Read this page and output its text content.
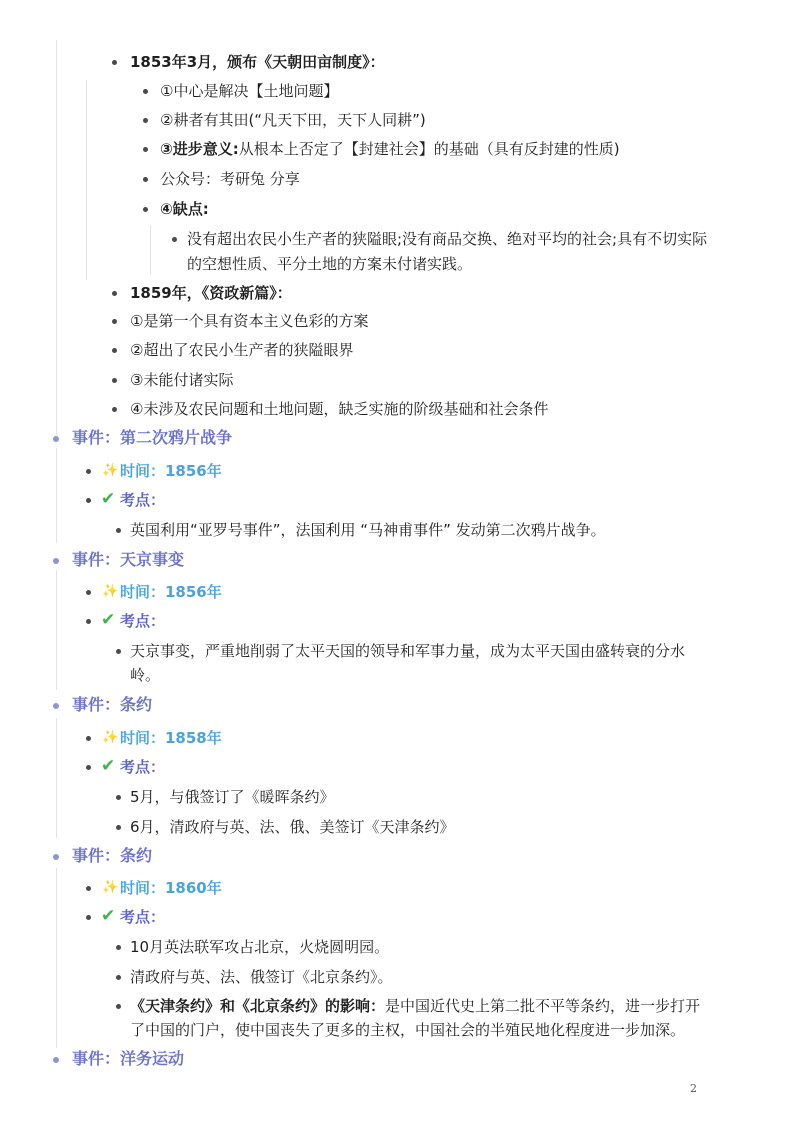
1853年3月，颁布《天朝田亩制度》：
①中心是解决【土地问题】
②耕者有其田(“凡天下田，天下人同耕”)
③进步意义:从根本上否定了【封建社会】的基础（具有反封建的性质)
公众号：考研兔 分享
④缺点:
没有超出农民小生产者的狭隘眼;没有商品交换、绝对平均的社会;具有不切实际
的空想性质、平分土地的方案未付诸实践。
1859年，《资政新篇》：
①是第一个具有资本主义色彩的方案
②超出了农民小生产者的狭隘眼界
③未能付诸实际
④未涉及农民问题和土地问题，缺乏实施的阶级基础和社会条件
事件：第二次鸦片战争
✨ 时间：1856年
✔ 考点：
英国利用“亚罗号事件”，法国利用 “马神甫事件” 发动第二次鸦片战争。
事件：天京事变
✨ 时间：1856年
✔ 考点：
天京事变，严重地削弱了太平天国的领导和军事力量，成为太平天国由盛转衰的分水
岭。
事件：条约
✨ 时间：1858年
✔ 考点：
5月，与俄签订了《暖晖条约》
6月，清政府与英、法、俄、美签订《天津条约》
事件：条约
✨ 时间：1860年
✔ 考点：
10月英法联军攻占北京，火烧圆明园。
清政府与英、法、俄签订《北京条约》。
《天津条约》和《北京条约》的影响：是中国近代史上第二批不平等条约，进一步打开
了中国的门户，使中国丧失了更多的主权，中国社会的半殖民地化程度进一步加深。
事件：洋务运动
2
